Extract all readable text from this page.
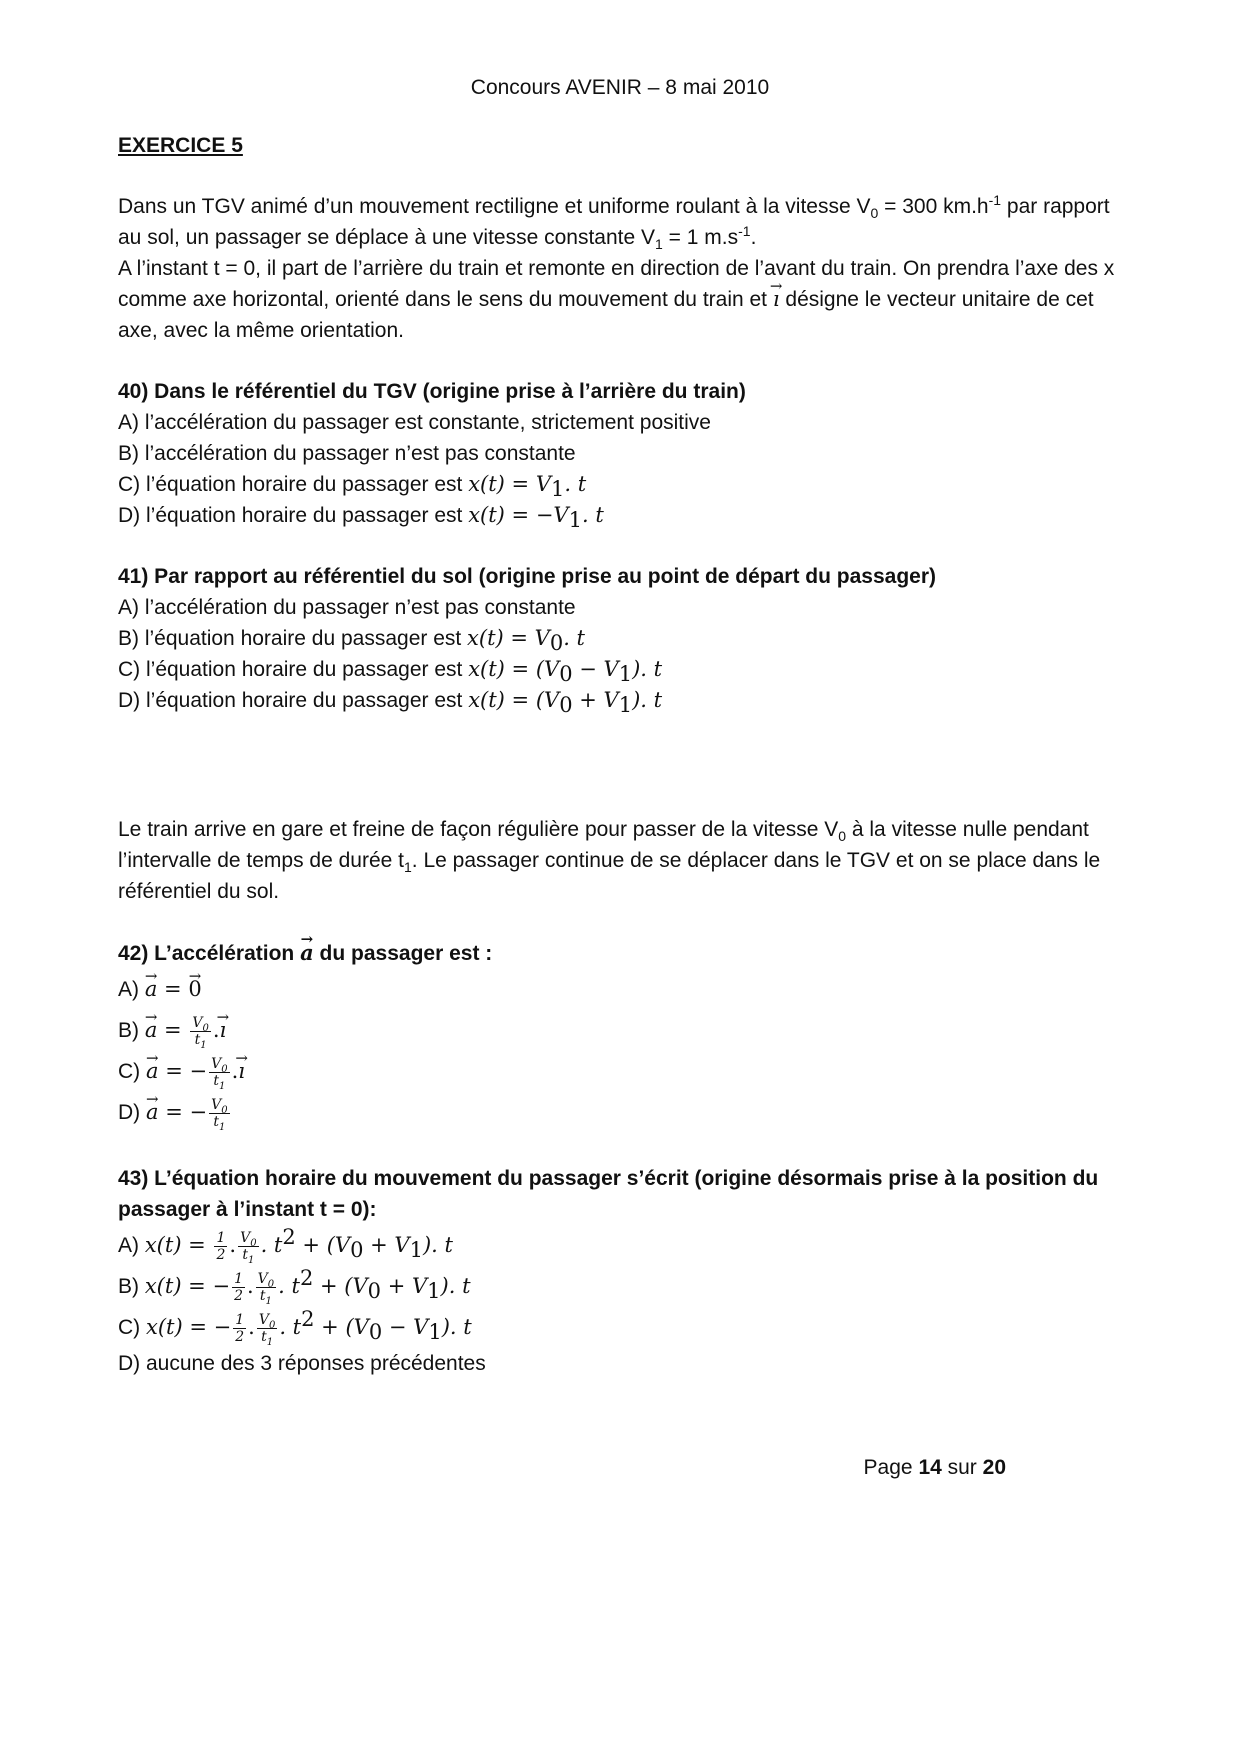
Concours AVENIR – 8 mai 2010

EXERCICE 5

Dans un TGV animé d’un mouvement rectiligne et uniforme roulant à la vitesse $V_0 = 300$ $km.h^{-1}$ par rapport au sol, un passager se déplace à une vitesse constante $V_1 = 1$ $m.s^{-1}$.

A l’instant t = 0, il part de l’arrière du train et remonte en direction de l’avant du train. On prendra l’axe des x comme axe horizontal, orienté dans le sens du mouvement du train et → ı désigne le vecteur unitaire de cet axe, avec la même orientation.

40) Dans le référentiel du TGV (origine prise à l’arrière du train)

A) l’accélération du passager est constante, strictement positive

B) l’accélération du passager n’est pas constante

C) l’équation horaire du passager est $x(t) = V_1$. t

D) l’équation horaire du passager est $x(t) = -V_1$. t

41) Par rapport au référentiel du sol (origine prise au point de départ du passager)

A) l’accélération du passager n’est pas constante

B) l’équation horaire du passager est $x(t) = V_0$. t

C) l’équation horaire du passager est $x(t) = (V_0 - V_1)$. t

D) l’équation horaire du passager est $x(t) = (V_0 + V_1)$. t

Le train arrive en gare et freine de façon régulière pour passer de la vitesse $V_0$ à la vitesse nulle pendant l’intervalle de temps de durée $t_1$. Le passager continue de se déplacer dans le TGV et on se place dans le référentiel du sol.

42) L’accélération → a du passager est :

A) → a = → 0
$B) \to a = \frac{V_0}{t_1}$ .→ ı
C) → a = − $\frac{V_0}{t_1}$ .→ ı
D) → a = − $\frac{V_0}{t_1}$

43) L’équation horaire du mouvement du passager s’écrit (origine désormais prise à la position du passager à l’instant t = 0):

A) $x(t) = \frac{1}{2}$ . $\frac{V_0}{t_1}$ . $t^2 + (V_0 + V_1)$. t
B) x(t) = − $\frac{1}{2}$ . $\frac{V_0}{t_1}$ . $t^2 + (V_0 + V_1)$. t
C) x(t) = − $\frac{1}{2}$ . $\frac{V_0}{t_1}$ . $t^2 + (V_0 - V_1)$. t

D) aucune des 3 réponses précédentes

Page 14 sur 20
